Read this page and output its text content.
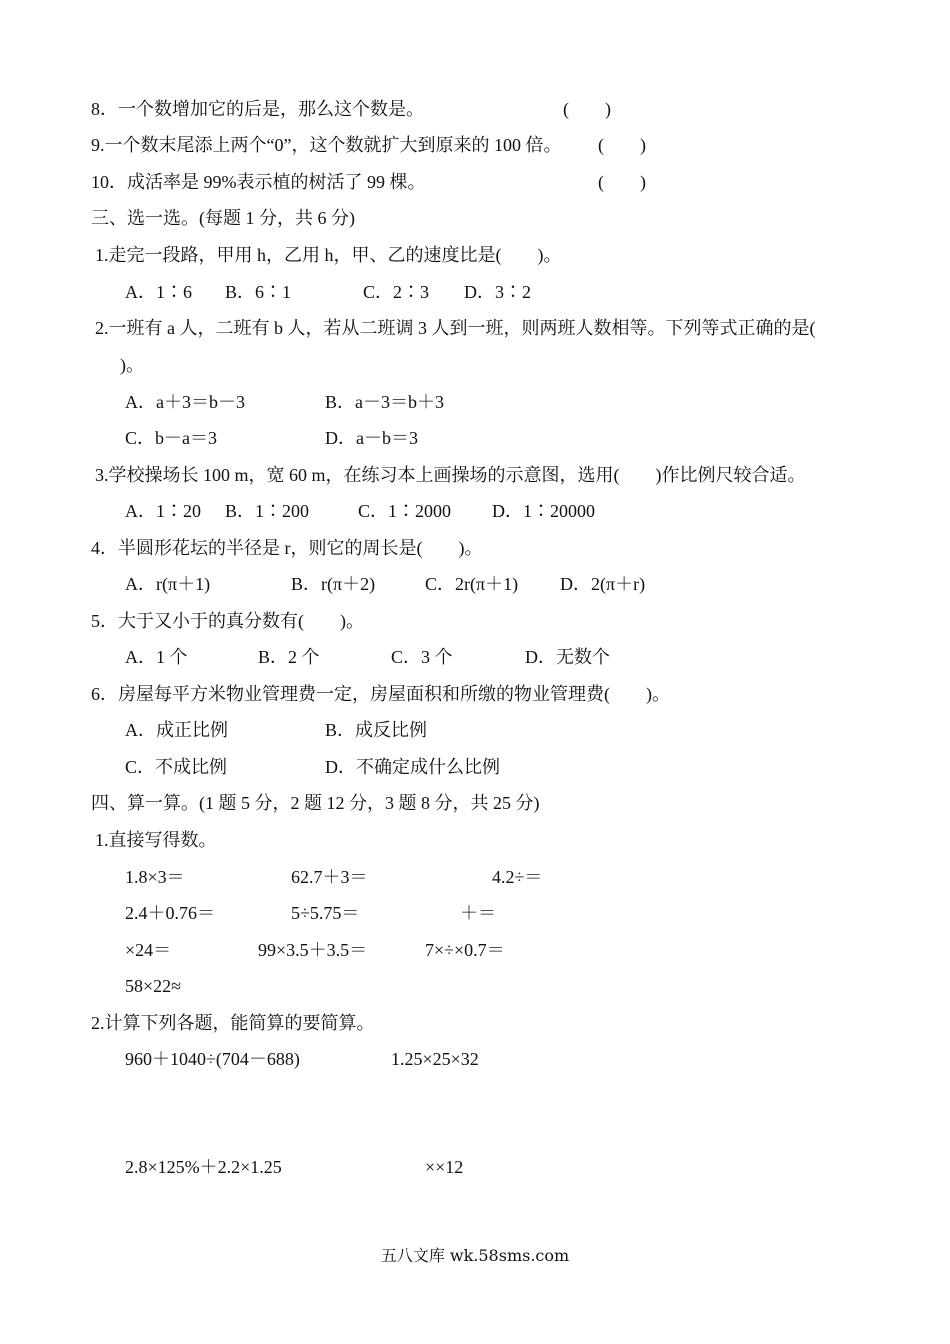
8．一个数增加它的后是，那么这个数是。	(　　)
9.一个数末尾添上两个“0”，这个数就扩大到原来的 100 倍。 (　　)
10．成活率是 99%表示植的树活了 99 棵。	(　　)
三、选一选。(每题 1 分，共 6 分)
1.走完一段路，甲用 h，乙用 h，甲、乙的速度比是(　　)。
A．1∶6 B．6∶1	C．2∶3 D．3∶2
2.一班有 a 人，二班有 b 人，若从二班调 3 人到一班，则两班人数相等。下列等式正确的是(
)。
A．a＋3＝b－3	B．a－3＝b＋3
C．b－a＝3	D．a－b＝3
3.学校操场长 100 m，宽 60 m，在练习本上画操场的示意图，选用(　　)作比例尺较合适。
A．1∶20 B．1∶200	C．1∶2000 D．1∶20000
4．半圆形花坛的半径是 r，则它的周长是(　　)。
A．r(π＋1)	B．r(π＋2)	C．2r(π＋1) D．2(π＋r)
5．大于又小于的真分数有(　　)。
A．1 个	B．2 个	C．3 个	D．无数个
6．房屋每平方米物业管理费一定，房屋面积和所缴的物业管理费(　　)。
A．成正比例	B．成反比例
C．不成比例	D．不确定成什么比例
四、算一算。(1 题 5 分，2 题 12 分，3 题 8 分，共 25 分)
1.直接写得数。
1.8×3＝	62.7＋3＝	4.2÷＝
2.4＋0.76＝	5÷5.75＝	＋＝
×24＝	99×3.5＋3.5＝	7×÷×0.7＝
58×22≈
2.计算下列各题，能简算的要简算。
960＋1040÷(704－688)	1.25×25×32
2.8×125%＋2.2×1.25	××12
五八文库 wk.58sms.com
